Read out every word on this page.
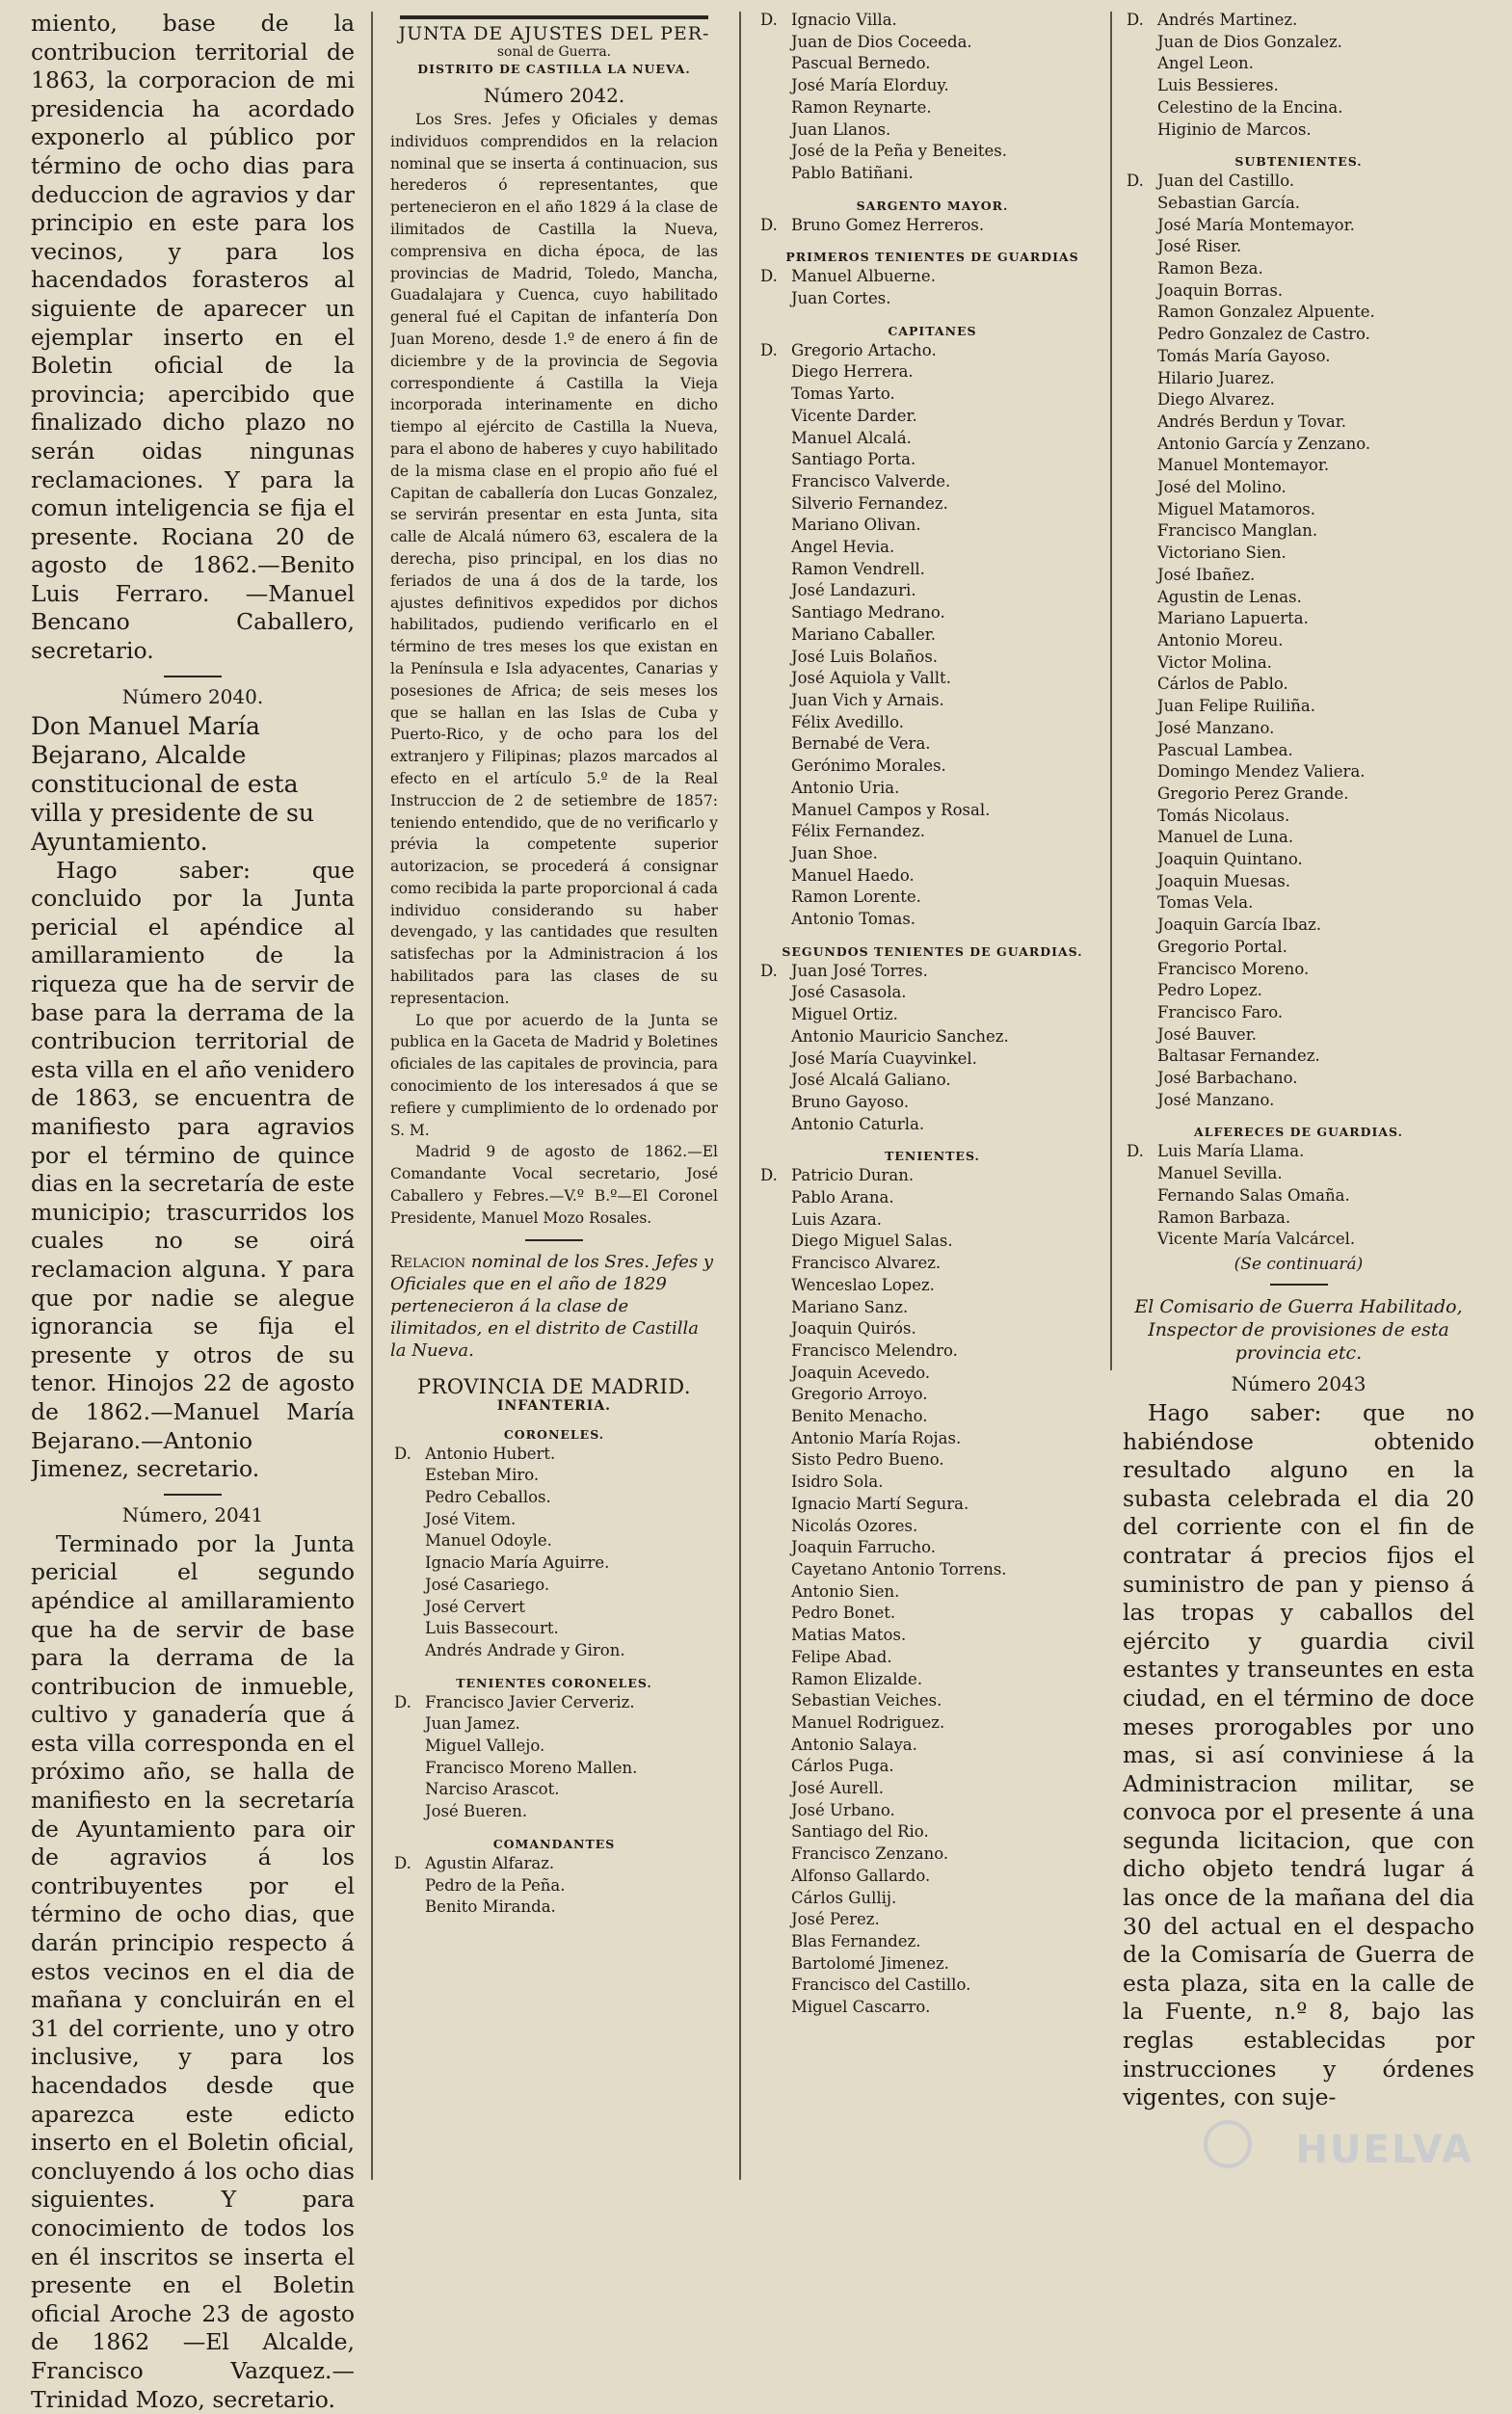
miento, base de la contribucion territorial de 1863, la corporacion de mi presidencia ha acordado exponerlo al público por término de ocho dias para deduccion de agravios y dar principio en este para los vecinos, y para los hacendados forasteros al siguiente de aparecer un ejemplar inserto en el Boletin oficial de la provincia; apercibido que finalizado dicho plazo no serán oidas ningunas reclamaciones. Y para la comun inteligencia se fija el presente. Rociana 20 de agosto de 1862.—Benito Luis Ferraro. —Manuel Bencano Caballero, secretario.

Número 2040.

Don Manuel María Bejarano, Alcalde constitucional de esta villa y presidente de su Ayuntamiento.

Hago saber: que concluido por la Junta pericial el apéndice al amillaramiento de la riqueza que ha de servir de base para la derrama de la contribucion territorial de esta villa en el año venidero de 1863, se encuentra de manifiesto para agravios por el término de quince dias en la secretaría de este municipio; trascurridos los cuales no se oirá reclamacion alguna. Y para que por nadie se alegue ignorancia se fija el presente y otros de su tenor. Hinojos 22 de agosto de 1862.—Manuel María Bejarano.—Antonio Jimenez, secretario.

Número, 2041

Terminado por la Junta pericial el segundo apéndice al amillaramiento que ha de servir de base para la derrama de la contribucion de inmueble, cultivo y ganadería que á esta villa corresponda en el próximo año, se halla de manifiesto en la secretaría de Ayuntamiento para oir de agravios á los contribuyentes por el término de ocho dias, que darán principio respecto á estos vecinos en el dia de mañana y concluirán en el 31 del corriente, uno y otro inclusive, y para los hacendados desde que aparezca este edicto inserto en el Boletin oficial, concluyendo á los ocho dias siguientes. Y para conocimiento de todos los en él inscritos se inserta el presente en el Boletin oficial Aroche 23 de agosto de 1862 —El Alcalde, Francisco Vazquez.—Trinidad Mozo, secretario.

JUNTA DE AJUSTES DEL PER-
sonal de Guerra.
DISTRITO DE CASTILLA LA NUEVA.
Número 2042.

Los Sres. Jefes y Oficiales y demas individuos comprendidos en la relacion nominal que se inserta á continuacion, sus herederos ó representantes, que pertenecieron en el año 1829 á la clase de ilimitados de Castilla la Nueva, comprensiva en dicha época, de las provincias de Madrid, Toledo, Mancha, Guadalajara y Cuenca, cuyo habilitado general fué el Capitan de infantería Don Juan Moreno, desde 1.º de enero á fin de diciembre y de la provincia de Segovia correspondiente á Castilla la Vieja incorporada interinamente en dicho tiempo al ejército de Castilla la Nueva, para el abono de haberes y cuyo habilitado de la misma clase en el propio año fué el Capitan de caballería don Lucas Gonzalez, se servirán presentar en esta Junta, sita calle de Alcalá número 63, escalera de la derecha, piso principal, en los dias no feriados de una á dos de la tarde, los ajustes definitivos expedidos por dichos habilitados, pudiendo verificarlo en el término de tres meses los que existan en la Península e Isla adyacentes, Canarias y posesiones de Africa; de seis meses los que se hallan en las Islas de Cuba y Puerto-Rico, y de ocho para los del extranjero y Filipinas; plazos marcados al efecto en el artículo 5.º de la Real Instruccion de 2 de setiembre de 1857: teniendo entendido, que de no verificarlo y prévia la competente superior autorizacion, se procederá á consignar como recibida la parte proporcional á cada individuo considerando su haber devengado, y las cantidades que resulten satisfechas por la Administracion á los habilitados para las clases de su representacion.

Lo que por acuerdo de la Junta se publica en la Gaceta de Madrid y Boletines oficiales de las capitales de provincia, para conocimiento de los interesados á que se refiere y cumplimiento de lo ordenado por S. M.

Madrid 9 de agosto de 1862.—El Comandante Vocal secretario, José Caballero y Febres.—V.º B.º—El Coronel Presidente, Manuel Mozo Rosales.

Relacion nominal de los Sres. Jefes y Oficiales que en el año de 1829 pertenecieron á la clase de ilimitados, en el distrito de Castilla la Nueva.

PROVINCIA DE MADRID.
INFANTERIA.
CORONELES.
D. Antonio Hubert.
Esteban Miro.
Pedro Ceballos.
José Vitem.
Manuel Odoyle.
Ignacio María Aguirre.
José Casariego.
José Cervert
Luis Bassecourt.
Andrés Andrade y Giron.
TENIENTES CORONELES.
D. Francisco Javier Cerveriz.
Juan Jamez.
Miguel Vallejo.
Francisco Moreno Mallen.
Narciso Arascot.
José Bueren.
COMANDANTES
D. Agustin Alfaraz.
Pedro de la Peña.
Benito Miranda.
D. Ignacio Villa.
Juan de Dios Coceeda.
Pascual Bernedo.
José María Elorduy.
Ramon Reynarte.
Juan Llanos.
José de la Peña y Beneites.
Pablo Batiñani.
SARGENTO MAYOR.
D. Bruno Gomez Herreros.
PRIMEROS TENIENTES DE GUARDIAS
D. Manuel Albuerne.
Juan Cortes.
CAPITANES
D. Gregorio Artacho.
Diego Herrera.
Tomas Yarto.
Vicente Darder.
Manuel Alcalá.
Santiago Porta.
Francisco Valverde.
Silverio Fernandez.
Mariano Olivan.
Angel Hevia.
Ramon Vendrell.
José Landazuri.
Santiago Medrano.
Mariano Caballer.
José Luis Bolaños.
José Aquiola y Vallt.
Juan Vich y Arnais.
Félix Avedillo.
Bernabé de Vera.
Gerónimo Morales.
Antonio Uria.
Manuel Campos y Rosal.
Félix Fernandez.
Juan Shoe.
Manuel Haedo.
Ramon Lorente.
Antonio Tomas.
SEGUNDOS TENIENTES DE GUARDIAS.
D. Juan José Torres.
José Casasola.
Miguel Ortiz.
Antonio Mauricio Sanchez.
José María Cuayvinkel.
José Alcalá Galiano.
Bruno Gayoso.
Antonio Caturla.
TENIENTES.
D. Patricio Duran.
Pablo Arana.
Luis Azara.
Diego Miguel Salas.
Francisco Alvarez.
Wenceslao Lopez.
Mariano Sanz.
Joaquin Quirós.
Francisco Melendro.
Joaquin Acevedo.
Gregorio Arroyo.
Benito Menacho.
Antonio María Rojas.
Sisto Pedro Bueno.
Isidro Sola.
Ignacio Martí Segura.
Nicolás Ozores.
Joaquin Farrucho.
Cayetano Antonio Torrens.
Antonio Sien.
Pedro Bonet.
Matias Matos.
Felipe Abad.
Ramon Elizalde.
Sebastian Veiches.
Manuel Rodriguez.
Antonio Salaya.
Cárlos Puga.
José Aurell.
José Urbano.
Santiago del Rio.
Francisco Zenzano.
Alfonso Gallardo.
Cárlos Gullij.
José Perez.
Blas Fernandez.
Bartolomé Jimenez.
Francisco del Castillo.
Miguel Cascarro.
D. Andrés Martinez.
Juan de Dios Gonzalez.
Angel Leon.
Luis Bessieres.
Celestino de la Encina.
Higinio de Marcos.
SUBTENIENTES.
D. Juan del Castillo.
Sebastian García.
José María Montemayor.
José Riser.
Ramon Beza.
Joaquin Borras.
Ramon Gonzalez Alpuente.
Pedro Gonzalez de Castro.
Tomás María Gayoso.
Hilario Juarez.
Diego Alvarez.
Andrés Berdun y Tovar.
Antonio García y Zenzano.
Manuel Montemayor.
José del Molino.
Miguel Matamoros.
Francisco Manglan.
Victoriano Sien.
José Ibañez.
Agustin de Lenas.
Mariano Lapuerta.
Antonio Moreu.
Victor Molina.
Cárlos de Pablo.
Juan Felipe Ruiliña.
José Manzano.
Pascual Lambea.
Domingo Mendez Valiera.
Gregorio Perez Grande.
Tomás Nicolaus.
Manuel de Luna.
Joaquin Quintano.
Joaquin Muesas.
Tomas Vela.
Joaquin García Ibaz.
Gregorio Portal.
Francisco Moreno.
Pedro Lopez.
Francisco Faro.
José Bauver.
Baltasar Fernandez.
José Barbachano.
José Manzano.
ALFERECES DE GUARDIAS.
D. Luis María Llama.
Manuel Sevilla.
Fernando Salas Omaña.
Ramon Barbaza.
Vicente María Valcárcel.
(Se continuará)
El Comisario de Guerra Habilitado, Inspector de provisiones de esta provincia etc.
Número 2043

Hago saber: que no habiéndose obtenido resultado alguno en la subasta celebrada el dia 20 del corriente con el fin de contratar á precios fijos el suministro de pan y pienso á las tropas y caballos del ejército y guardia civil estantes y transeuntes en esta ciudad, en el término de doce meses prorogables por uno mas, si así conviniese á la Administracion militar, se convoca por el presente á una segunda licitacion, que con dicho objeto tendrá lugar á las once de la mañana del dia 30 del actual en el despacho de la Comisaría de Guerra de esta plaza, sita en la calle de la Fuente, n.º 8, bajo las reglas establecidas por instrucciones y órdenes vigentes, con suje-

HUELVA
